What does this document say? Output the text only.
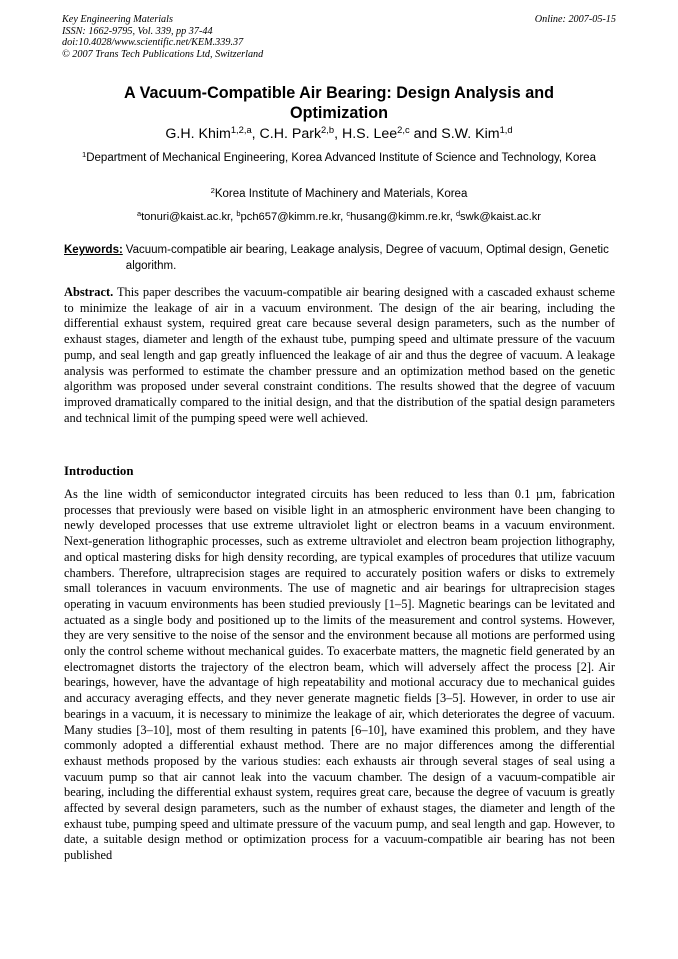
Key Engineering Materials
ISSN: 1662-9795, Vol. 339, pp 37-44
doi:10.4028/www.scientific.net/KEM.339.37
© 2007 Trans Tech Publications Ltd, Switzerland
Online: 2007-05-15
A Vacuum-Compatible Air Bearing: Design Analysis and Optimization
G.H. Khim$^{1,2,a}$, C.H. Park$^{2,b}$, H.S. Lee$^{2,c}$ and S.W. Kim$^{1,d}$
$^1$Department of Mechanical Engineering, Korea Advanced Institute of Science and Technology, Korea
$^2$Korea Institute of Machinery and Materials, Korea
$^a$tonuri@kaist.ac.kr, $^b$pch657@kimm.re.kr, $^c$husang@kimm.re.kr, $^d$swk@kaist.ac.kr
Keywords: Vacuum-compatible air bearing, Leakage analysis, Degree of vacuum, Optimal design, Genetic algorithm.
Abstract. This paper describes the vacuum-compatible air bearing designed with a cascaded exhaust scheme to minimize the leakage of air in a vacuum environment. The design of the air bearing, including the differential exhaust system, required great care because several design parameters, such as the number of exhaust stages, diameter and length of the exhaust tube, pumping speed and ultimate pressure of the vacuum pump, and seal length and gap greatly influenced the leakage of air and thus the degree of vacuum. A leakage analysis was performed to estimate the chamber pressure and an optimization method based on the genetic algorithm was proposed under several constraint conditions. The results showed that the degree of vacuum improved dramatically compared to the initial design, and that the distribution of the spatial design parameters and technical limit of the pumping speed were well achieved.
Introduction
As the line width of semiconductor integrated circuits has been reduced to less than 0.1 µm, fabrication processes that previously were based on visible light in an atmospheric environment have been changing to newly developed processes that use extreme ultraviolet light or electron beams in a vacuum environment. Next-generation lithographic processes, such as extreme ultraviolet and electron beam projection lithography, and optical mastering disks for high density recording, are typical examples of procedures that utilize vacuum chambers. Therefore, ultraprecision stages are required to accurately position wafers or disks to extremely small tolerances in vacuum environments. The use of magnetic and air bearings for ultraprecision stages operating in vacuum environments has been studied previously [1–5]. Magnetic bearings can be levitated and actuated as a single body and positioned up to the limits of the measurement and control systems. However, they are very sensitive to the noise of the sensor and the environment because all motions are performed using only the control scheme without mechanical guides. To exacerbate matters, the magnetic field generated by an electromagnet distorts the trajectory of the electron beam, which will adversely affect the process [2]. Air bearings, however, have the advantage of high repeatability and motional accuracy due to mechanical guides and accuracy averaging effects, and they never generate magnetic fields [3–5]. However, in order to use air bearings in a vacuum, it is necessary to minimize the leakage of air, which deteriorates the degree of vacuum. Many studies [3–10], most of them resulting in patents [6–10], have examined this problem, and they have commonly adopted a differential exhaust method. There are no major differences among the differential exhaust methods proposed by the various studies: each exhausts air through several stages of seal using a vacuum pump so that air cannot leak into the vacuum chamber. The design of a vacuum-compatible air bearing, including the differential exhaust system, requires great care, because the degree of vacuum is greatly affected by several design parameters, such as the number of exhaust stages, the diameter and length of the exhaust tube, pumping speed and ultimate pressure of the vacuum pump, and seal length and gap. However, to date, a suitable design method or optimization process for a vacuum-compatible air bearing has not been published
